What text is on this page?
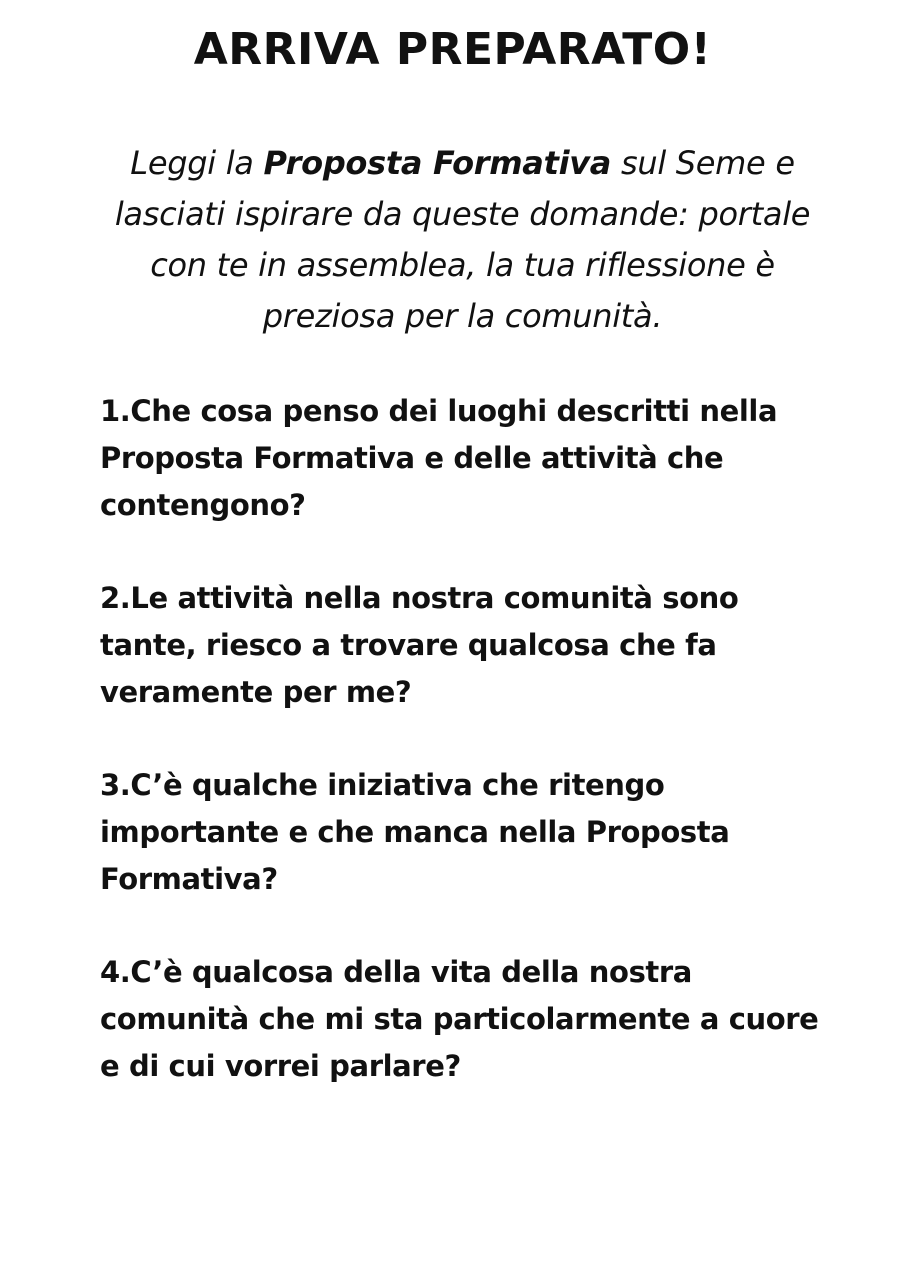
ARRIVA PREPARATO!

Leggi la Proposta Formativa sul Seme e lasciati ispirare da queste domande: portale con te in assemblea, la tua riflessione è preziosa per la comunità.

1.Che cosa penso dei luoghi descritti nella Proposta Formativa e delle attività che contengono?
2.Le attività nella nostra comunità sono tante, riesco a trovare qualcosa che fa veramente per me?
3.C’è qualche iniziativa che ritengo importante e che manca nella Proposta Formativa?
4.C’è qualcosa della vita della nostra comunità che mi sta particolarmente a cuore e di cui vorrei parlare?
